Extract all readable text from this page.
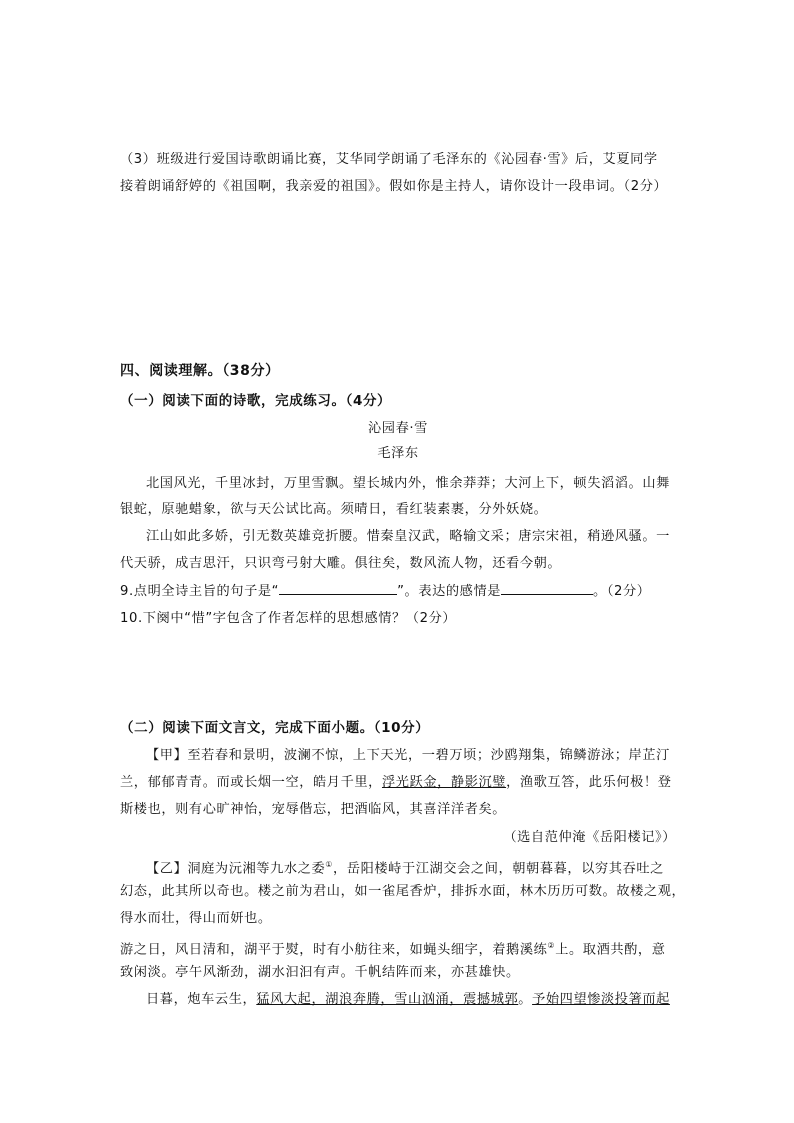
（3）班级进行爱国诗歌朗诵比赛，艾华同学朗诵了毛泽东的《沁园春·雪》后，艾夏同学
接着朗诵舒婷的《祖国啊，我亲爱的祖国》。假如你是主持人，请你设计一段串词。（2分）
四、阅读理解。（38分）
（一）阅读下面的诗歌，完成练习。（4分）
沁园春·雪
毛泽东
北国风光，千里冰封，万里雪飘。望长城内外，惟余莽莽；大河上下，顿失滔滔。山舞
银蛇，原驰蜡象，欲与天公试比高。须晴日，看红装素裹，分外妖娆。
江山如此多娇，引无数英雄竞折腰。惜秦皇汉武，略输文采；唐宗宋祖，稍逊风骚。一
代天骄，成吉思汗，只识弯弓射大雕。俱往矣，数风流人物，还看今朝。
9.点明全诗主旨的句子是“	”。表达的感情是	。（2分）
10.下阕中“惜”字包含了作者怎样的思想感情？（2分）
（二）阅读下面文言文，完成下面小题。（10分）
【甲】至若春和景明，波澜不惊，上下天光，一碧万顷；沙鸥翔集，锦鳞游泳；岸芷汀
兰，郁郁青青。而或长烟一空，皓月千里，浮光跃金，静影沉璧，渔歌互答，此乐何极！登
斯楼也，则有心旷神怡，宠辱偕忘，把酒临风，其喜洋洋者矣。
（选自范仲淹《岳阳楼记》）
【乙】洞庭为沅湘等九水之委①，岳阳楼峙于江湖交会之间，朝朝暮暮，以穷其吞吐之
幻态，此其所以奇也。楼之前为君山，如一雀尾香炉，排拆水面，林木历历可数。故楼之观，
得水而壮，得山而妍也。
游之日，风日清和，湖平于熨，时有小舫往来，如蝇头细字，着鹅溪练②上。取酒共酌，意
致闲淡。亭午风渐劲，湖水汩汩有声。千帆结阵而来，亦甚雄快。
日暮，炮车云生，猛风大起，湖浪奔腾，雪山汹涌，震撼城郭。予始四望惨淡投箸而起
